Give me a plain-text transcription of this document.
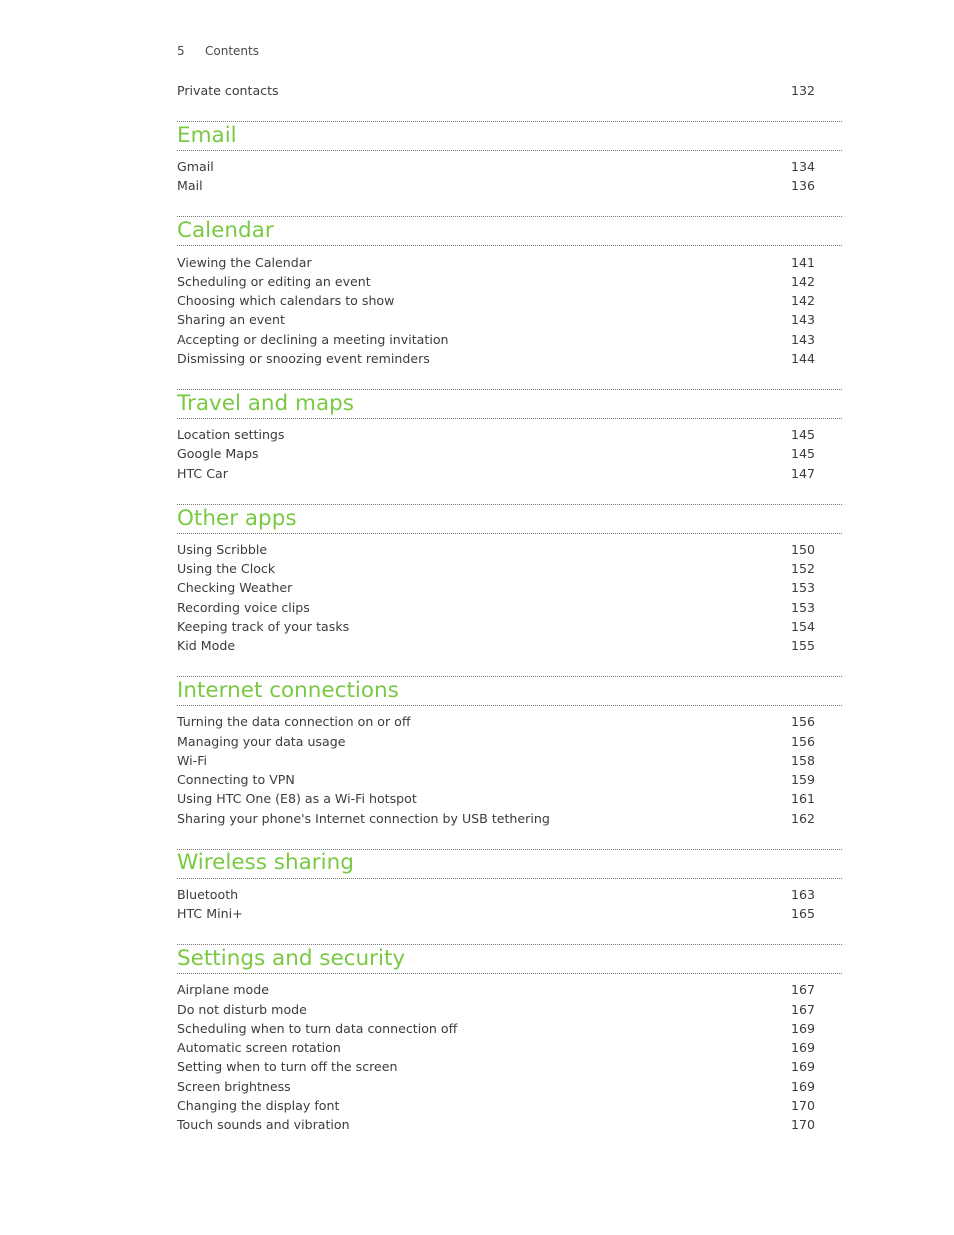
5 Contents
Private contacts	132
Email
Gmail	134
Mail	136
Calendar
Viewing the Calendar	141
Scheduling or editing an event	142
Choosing which calendars to show	142
Sharing an event	143
Accepting or declining a meeting invitation	143
Dismissing or snoozing event reminders	144
Travel and maps
Location settings	145
Google Maps	145
HTC Car	147
Other apps
Using Scribble	150
Using the Clock	152
Checking Weather	153
Recording voice clips	153
Keeping track of your tasks	154
Kid Mode	155
Internet connections
Turning the data connection on or off	156
Managing your data usage	156
Wi-Fi	158
Connecting to VPN	159
Using HTC One (E8) as a Wi-Fi hotspot	161
Sharing your phone's Internet connection by USB tethering	162
Wireless sharing
Bluetooth	163
HTC Mini+	165
Settings and security
Airplane mode	167
Do not disturb mode	167
Scheduling when to turn data connection off	169
Automatic screen rotation	169
Setting when to turn off the screen	169
Screen brightness	169
Changing the display font	170
Touch sounds and vibration	170
